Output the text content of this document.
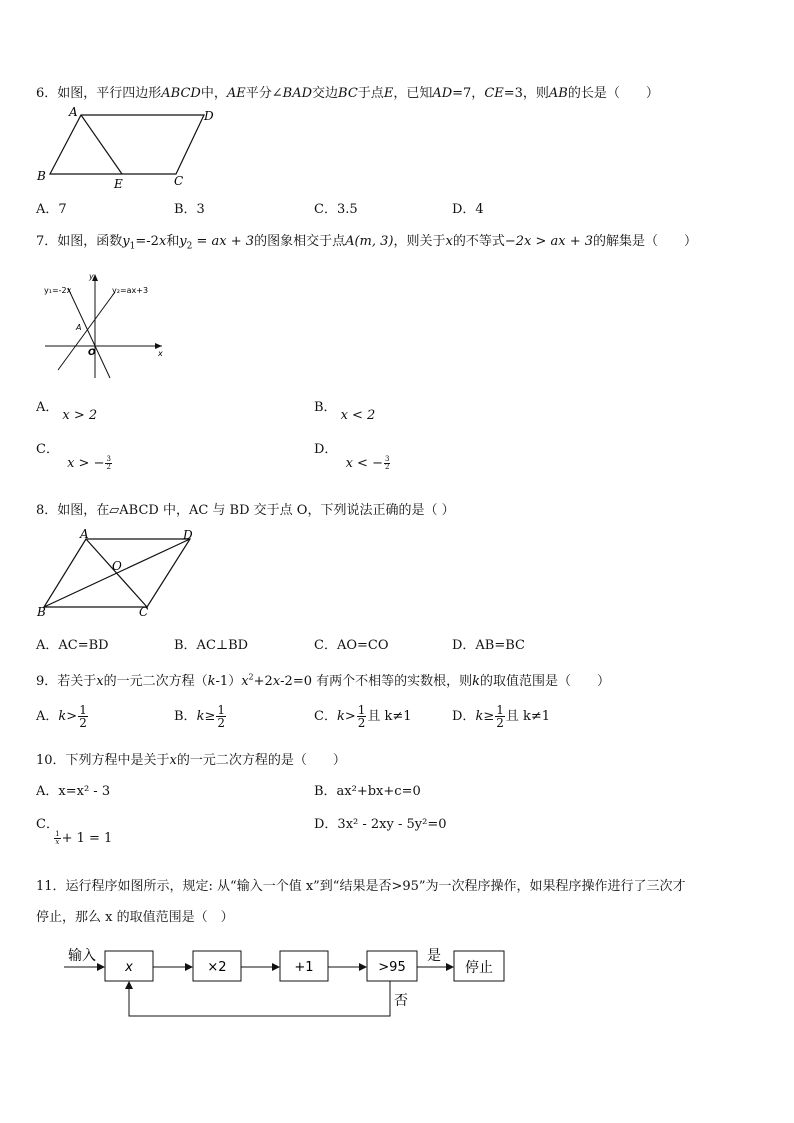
6．如图，平行四边形ABCD中，AE平分∠BAD交边BC于点E，已知AD=7，CE=3，则AB的长是（　　）
A	D
B
E	C
A．7	B．3	C．3.5	D．4
7．如图，函数$y_1=-2x$和$y_2$ = ax + 3的图象相交于点A(m, 3)，则关于x的不等式−2x > ax + 3的解集是（　　）
y₁=-2x	y₂=ax+3
y
x
O
A
A．x > 2
B．x < 2
C． x > − $\frac{3}{2}$
D． x < − $\frac{3}{2}$
8．如图，在▱ABCD 中，AC 与 BD 交于点 O，下列说法正确的是（ ）
A	D
O
B	C
A．AC=BD	B．AC⊥BD	C．AO=CO	D．AB=BC
9．若关于x的一元二次方程$(k-1)x^2+2x-2=0$ 有两个不相等的实数根，则k的取值范围是（　　）
A．$k> \frac{1}{2}$	B．$k\ge \frac{1}{2}$	C．$k> \frac{1}{2}$ 且 k≠1	D．$k\ge \frac{1}{2}$ 且 k≠1
10．下列方程中是关于x的一元二次方程的是（　　）
A．x=x² - 3	B．ax²+bx+c=0
C．
$\frac{1}{x} + 1 = 1$
D．3x² - 2xy - 5y²=0
11．运行程序如图所示，规定: 从“输入一个值 x”到“结果是否>95”为一次程序操作，如果程序操作进行了三次才
停止，那么 x 的取值范围是（　）
输入
x	×2	+1	>95
是
停止
否
